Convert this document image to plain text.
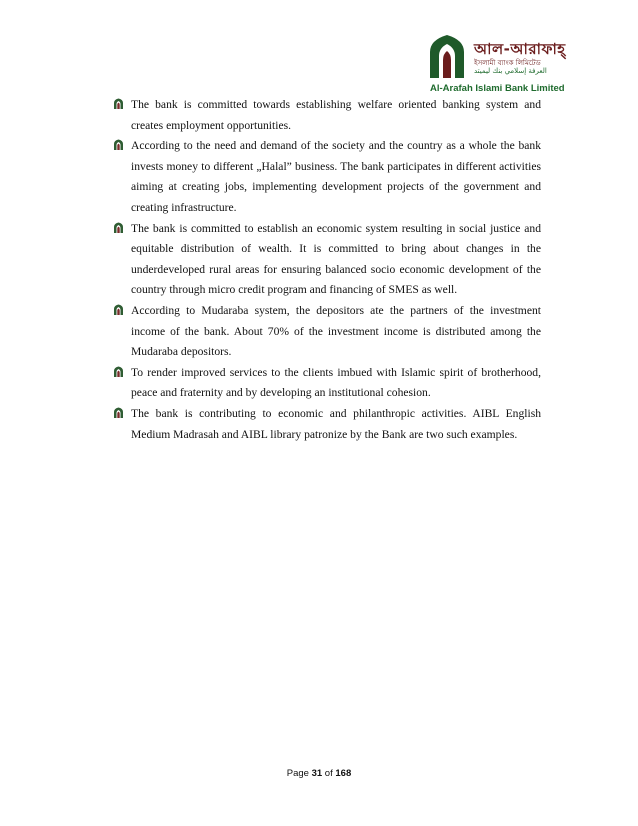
আল-আরাফাহ্
ইসলামী ব্যাংক লিমিটেড
العرفة إسلامي بنك ليميتد
Al-Arafah Islami Bank Limited

The bank is committed towards establishing welfare oriented banking system and creates employment opportunities.

According to the need and demand of the society and the country as a whole the bank invests money to different „Halal” business. The bank participates in different activities aiming at creating jobs, implementing development projects of the government and creating infrastructure.

The bank is committed to establish an economic system resulting in social justice and equitable distribution of wealth. It is committed to bring about changes in the underdeveloped rural areas for ensuring balanced socio economic development of the country through micro credit program and financing of SMES as well.

According to Mudaraba system, the depositors ate the partners of the investment income of the bank. About 70% of the investment income is distributed among the Mudaraba depositors.

To render improved services to the clients imbued with Islamic spirit of brotherhood, peace and fraternity and by developing an institutional cohesion.

The bank is contributing to economic and philanthropic activities. AIBL English Medium Madrasah and AIBL library patronize by the Bank are two such examples.

Page 31 of 168
